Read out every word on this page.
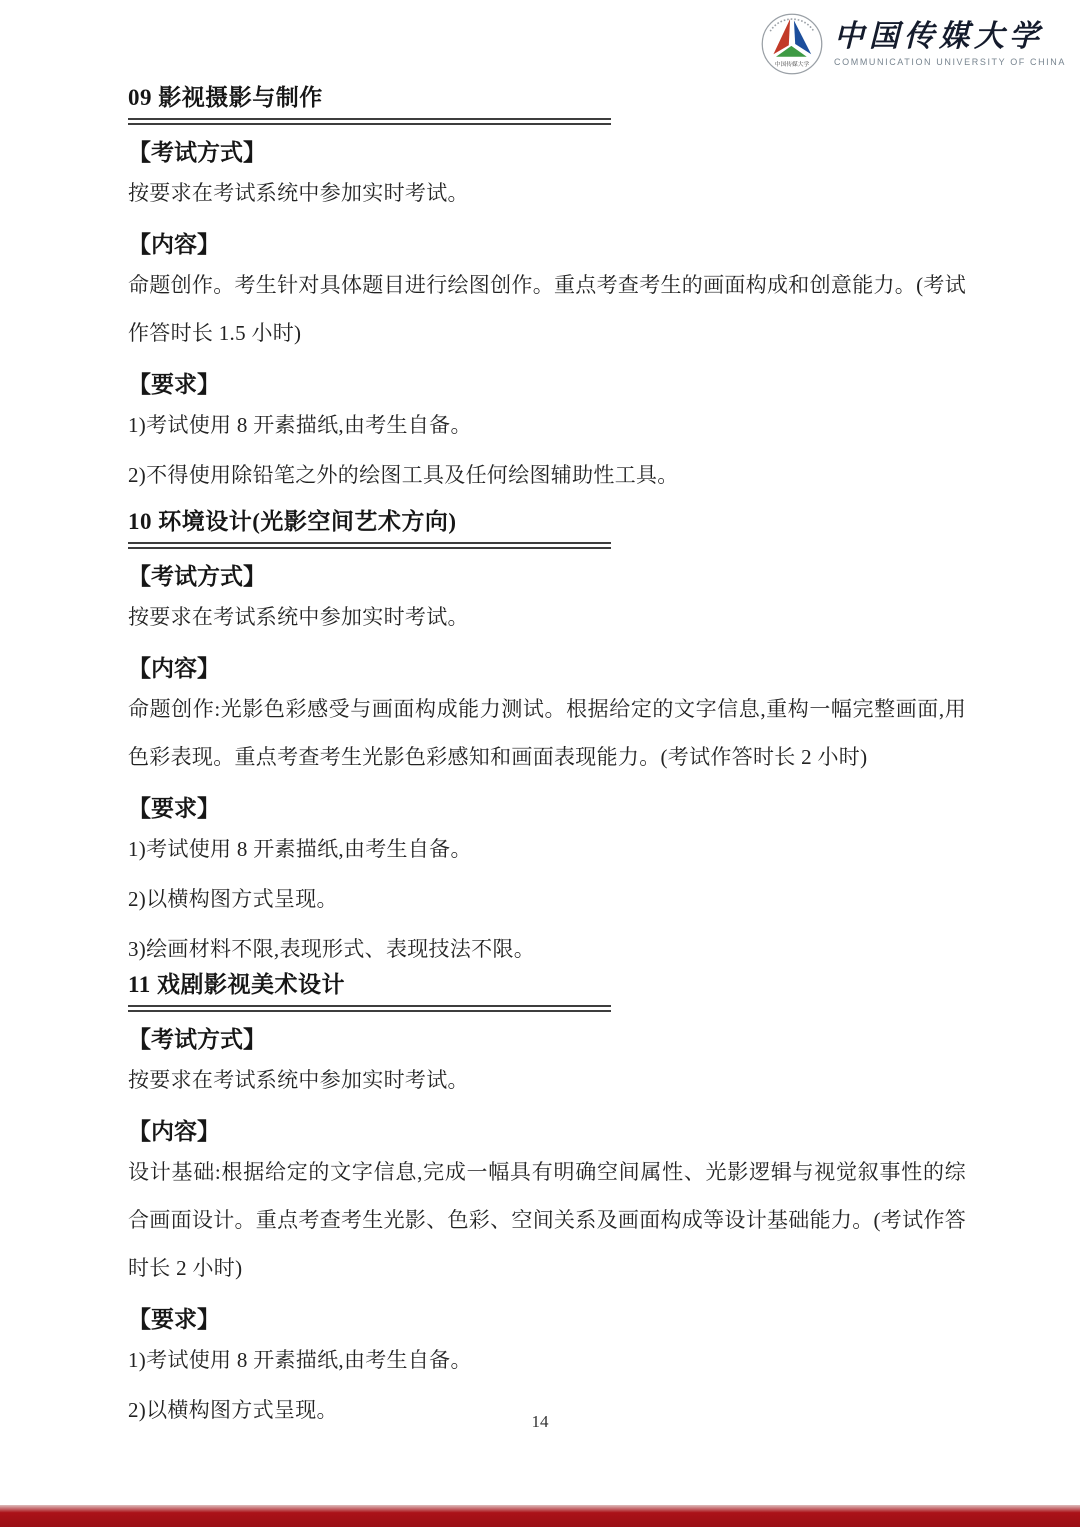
中国传媒大学
中国传媒大学
COMMUNICATION UNIVERSITY OF CHINA
09 影视摄影与制作
【考试方式】

按要求在考试系统中参加实时考试。

【内容】

命题创作。考生针对具体题目进行绘图创作。重点考查考生的画面构成和创意能力。(考试作答时长 1.5 小时)

【要求】

1)考试使用 8 开素描纸,由考生自备。

2)不得使用除铅笔之外的绘图工具及任何绘图辅助性工具。

10 环境设计(光影空间艺术方向)
【考试方式】

按要求在考试系统中参加实时考试。

【内容】

命题创作:光影色彩感受与画面构成能力测试。根据给定的文字信息,重构一幅完整画面,用色彩表现。重点考查考生光影色彩感知和画面表现能力。(考试作答时长 2 小时)

【要求】

1)考试使用 8 开素描纸,由考生自备。

2)以横构图方式呈现。

3)绘画材料不限,表现形式、表现技法不限。

11 戏剧影视美术设计
【考试方式】

按要求在考试系统中参加实时考试。

【内容】

设计基础:根据给定的文字信息,完成一幅具有明确空间属性、光影逻辑与视觉叙事性的综合画面设计。重点考查考生光影、色彩、空间关系及画面构成等设计基础能力。(考试作答时长 2 小时)

【要求】

1)考试使用 8 开素描纸,由考生自备。

2)以横构图方式呈现。	14
